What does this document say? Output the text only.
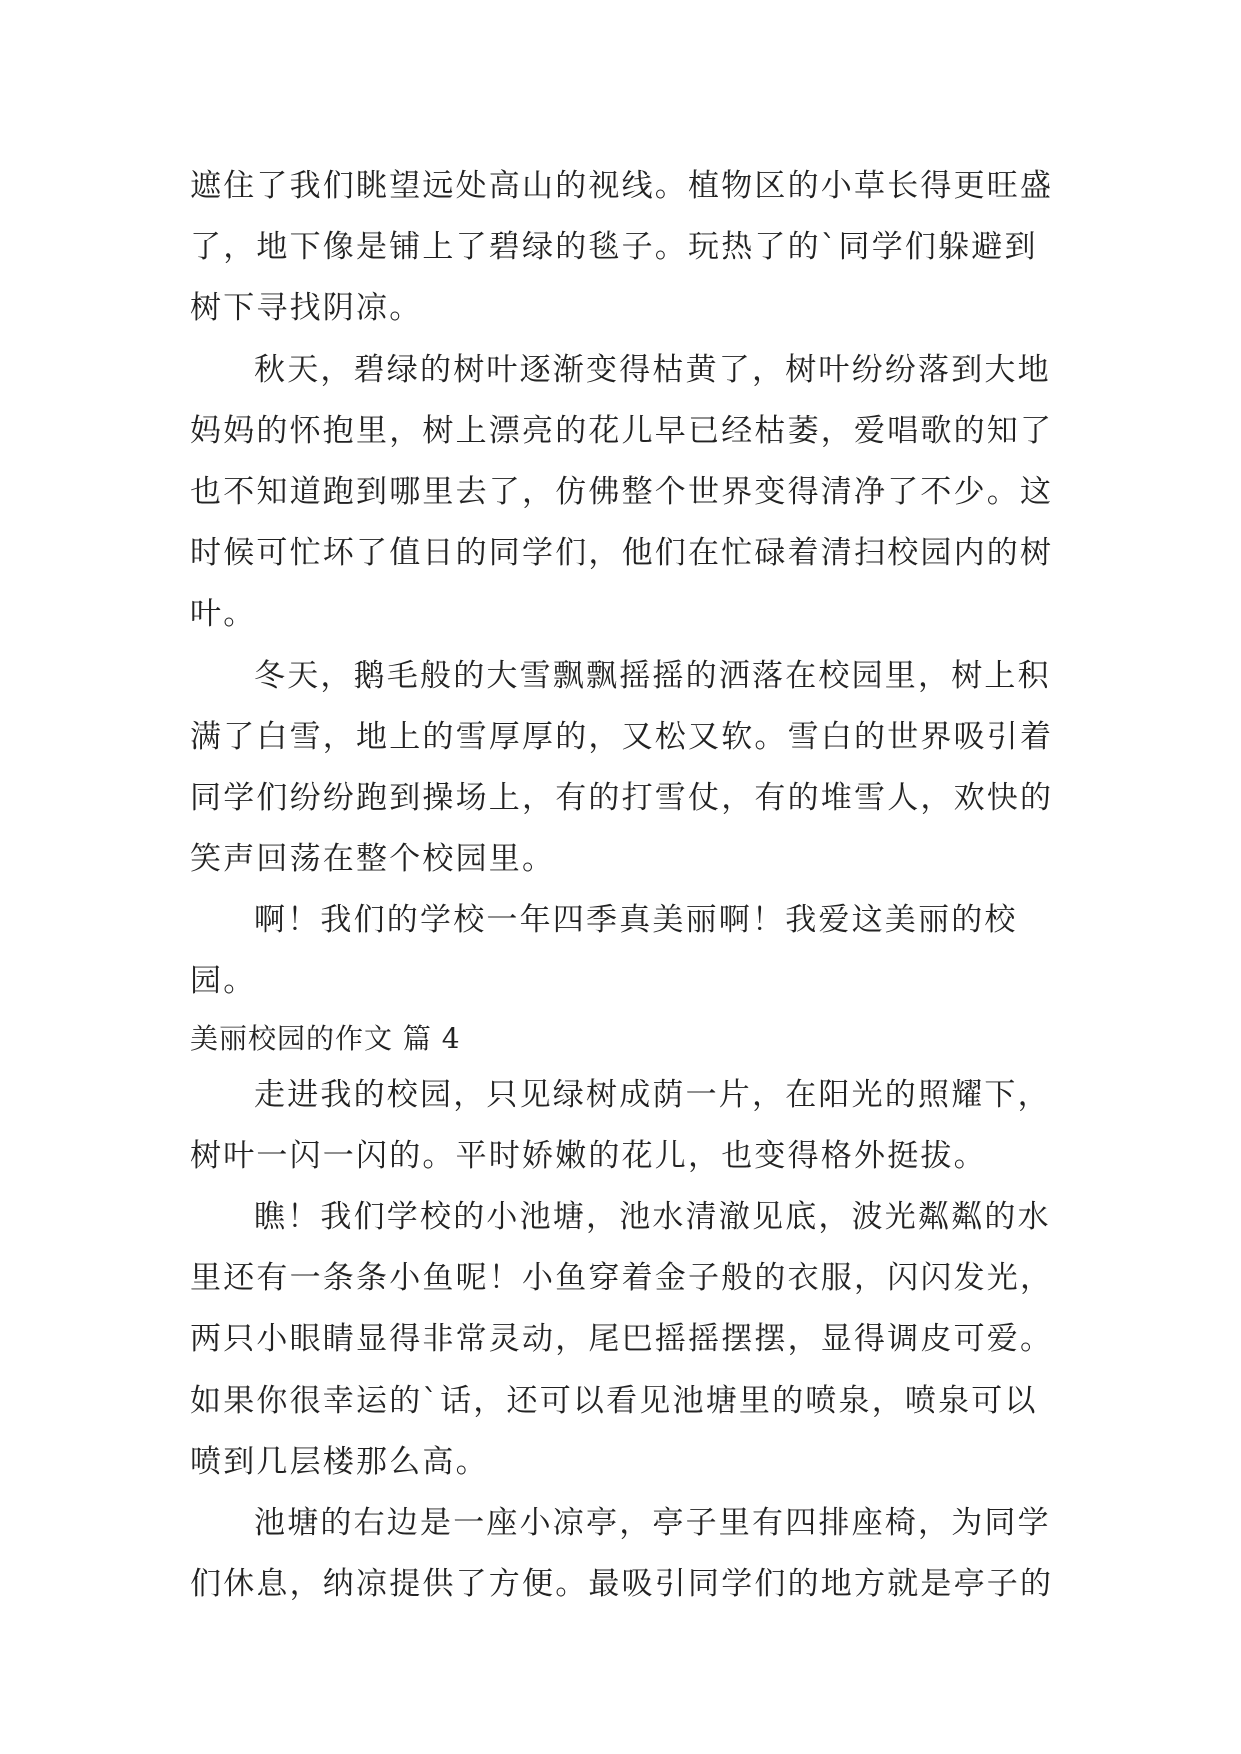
遮住了我们眺望远处高山的视线。植物区的小草长得更旺盛
了，地下像是铺上了碧绿的毯子。玩热了的`同学们躲避到
树下寻找阴凉。
秋天，碧绿的树叶逐渐变得枯黄了，树叶纷纷落到大地
妈妈的怀抱里，树上漂亮的花儿早已经枯萎，爱唱歌的知了
也不知道跑到哪里去了，仿佛整个世界变得清净了不少。这
时候可忙坏了值日的同学们，他们在忙碌着清扫校园内的树
叶。
冬天，鹅毛般的大雪飘飘摇摇的洒落在校园里，树上积
满了白雪，地上的雪厚厚的，又松又软。雪白的世界吸引着
同学们纷纷跑到操场上，有的打雪仗，有的堆雪人，欢快的
笑声回荡在整个校园里。
啊！我们的学校一年四季真美丽啊！我爱这美丽的校
园。
美丽校园的作文 篇 4
走进我的校园，只见绿树成荫一片，在阳光的照耀下，
树叶一闪一闪的。平时娇嫩的花儿，也变得格外挺拔。
瞧！我们学校的小池塘，池水清澈见底，波光粼粼的水
里还有一条条小鱼呢！小鱼穿着金子般的衣服，闪闪发光，
两只小眼睛显得非常灵动，尾巴摇摇摆摆，显得调皮可爱。
如果你很幸运的`话，还可以看见池塘里的喷泉，喷泉可以
喷到几层楼那么高。
池塘的右边是一座小凉亭，亭子里有四排座椅，为同学
们休息，纳凉提供了方便。最吸引同学们的地方就是亭子的
